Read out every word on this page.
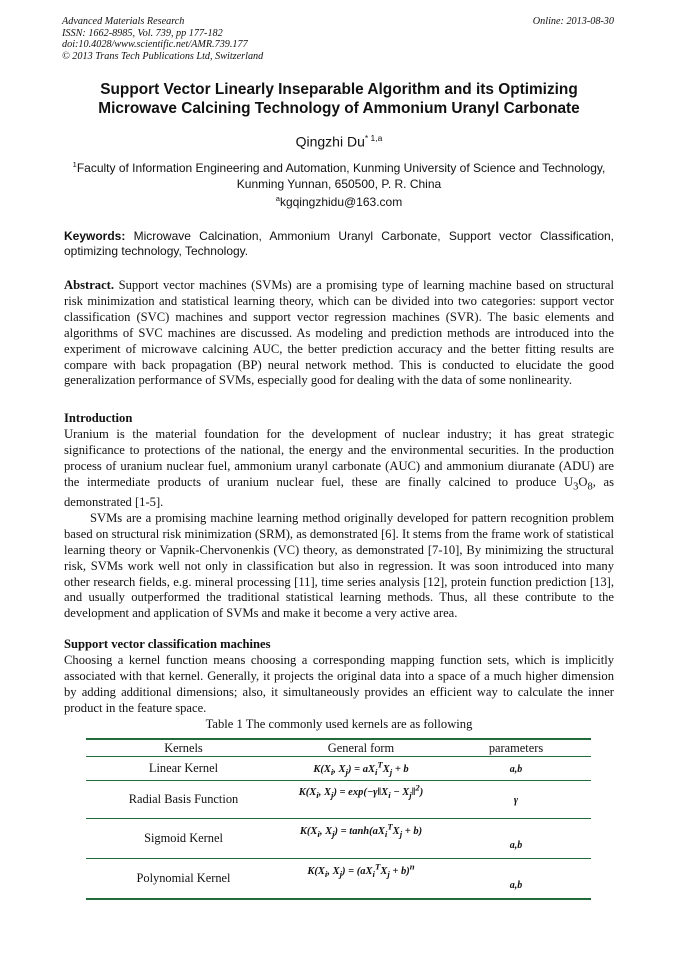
Advanced Materials Research
ISSN: 1662-8985, Vol. 739, pp 177-182
doi:10.4028/www.scientific.net/AMR.739.177
© 2013 Trans Tech Publications Ltd, Switzerland
Online: 2013-08-30
Support Vector Linearly Inseparable Algorithm and its Optimizing Microwave Calcining Technology of Ammonium Uranyl Carbonate
Qingzhi Du$^{* 1,a}$
$^1$Faculty of Information Engineering and Automation, Kunming University of Science and Technology, Kunming Yunnan, 650500, P. R. China
$^a$kgqingzhidu@163.com
Keywords: Microwave Calcination, Ammonium Uranyl Carbonate, Support vector Classification, optimizing technology, Technology.

Abstract. Support vector machines (SVMs) are a promising type of learning machine based on structural risk minimization and statistical learning theory, which can be divided into two categories: support vector classification (SVC) machines and support vector regression machines (SVR). The basic elements and algorithms of SVC machines are discussed. As modeling and prediction methods are introduced into the experiment of microwave calcining AUC, the better prediction accuracy and the better fitting results are compare with back propagation (BP) neural network method. This is conducted to elucidate the good generalization performance of SVMs, especially good for dealing with the data of some nonlinearity.

Introduction

Uranium is the material foundation for the development of nuclear industry; it has great strategic significance to protections of the national, the energy and the environmental securities. In the production process of uranium nuclear fuel, ammonium uranyl carbonate (AUC) and ammonium diuranate (ADU) are the intermediate products of uranium nuclear fuel, these are finally calcined to produce $U_3O_8$, as demonstrated [1-5].

SVMs are a promising machine learning method originally developed for pattern recognition problem based on structural risk minimization (SRM), as demonstrated [6]. It stems from the frame work of statistical learning theory or Vapnik-Chervonenkis (VC) theory, as demonstrated [7-10], By minimizing the structural risk, SVMs work well not only in classification but also in regression. It was soon introduced into many other research fields, e.g. mineral processing [11], time series analysis [12], protein function prediction [13], and usually outperformed the traditional statistical learning methods. Thus, all these contribute to the development and application of SVMs and make it become a very active area.

Support vector classification machines

Choosing a kernel function means choosing a corresponding mapping function sets, which is implicitly associated with that kernel. Generally, it projects the original data into a space of a much higher dimension by adding additional dimensions; also, it simultaneously provides an efficient way to calculate the inner product in the feature space.

Table 1 The commonly used kernels are as following
Kernels	General form	parameters
Linear Kernel	$K(X_i$, $X_j) = aX_i^TX_j + b$	a,b
Radial Basis Function	$^{K(X_i, X_j) = exp(-\gamma‖X_i - X_j‖^2)}$	γ
Sigmoid Kernel	$^{K(X_i, X_j) = tanh(aX_i^TX_j + b)}$	$_{a,b}$
Polynomial Kernel	$^{K(X_i, X_j) = (aX_i^TX_j + b)^n}$	$_{a,b}$
